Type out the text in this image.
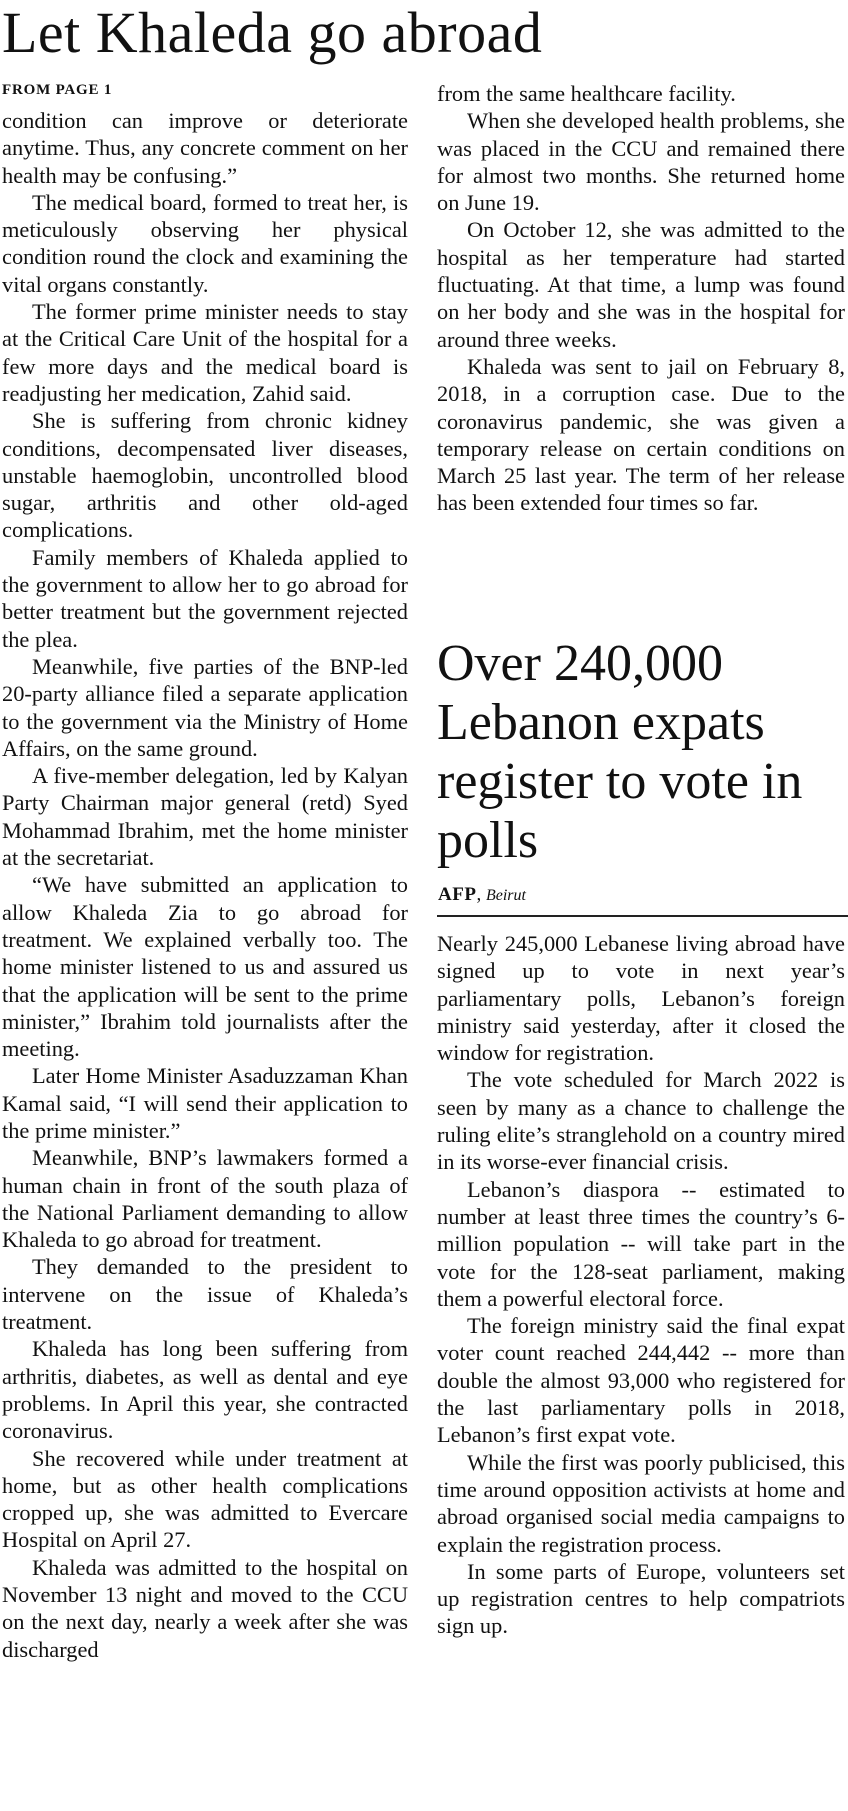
Let Khaleda go abroad
FROM PAGE 1

condition can improve or deteriorate anytime. Thus, any concrete comment on her health may be confusing.”

The medical board, formed to treat her, is meticulously observing her physical condition round the clock and examining the vital organs constantly.

The former prime minister needs to stay at the Critical Care Unit of the hospital for a few more days and the medical board is readjusting her medication, Zahid said.

She is suffering from chronic kidney conditions, decompensated liver diseases, unstable haemoglobin, uncontrolled blood sugar, arthritis and other old-aged complications.

Family members of Khaleda applied to the government to allow her to go abroad for better treatment but the government rejected the plea.

Meanwhile, five parties of the BNP-led 20-party alliance filed a separate application to the government via the Ministry of Home Affairs, on the same ground.

A five-member delegation, led by Kalyan Party Chairman major general (retd) Syed Mohammad Ibrahim, met the home minister at the secretariat.

“We have submitted an application to allow Khaleda Zia to go abroad for treatment. We explained verbally too. The home minister listened to us and assured us that the application will be sent to the prime minister,” Ibrahim told journalists after the meeting.

Later Home Minister Asaduzzaman Khan Kamal said, “I will send their application to the prime minister.”

Meanwhile, BNP’s lawmakers formed a human chain in front of the south plaza of the National Parliament demanding to allow Khaleda to go abroad for treatment.

They demanded to the president to intervene on the issue of Khaleda’s treatment.

Khaleda has long been suffering from arthritis, diabetes, as well as dental and eye problems. In April this year, she contracted coronavirus.

She recovered while under treatment at home, but as other health complications cropped up, she was admitted to Evercare Hospital on April 27.

Khaleda was admitted to the hospital on November 13 night and moved to the CCU on the next day, nearly a week after she was discharged

from the same healthcare facility.

When she developed health problems, she was placed in the CCU and remained there for almost two months. She returned home on June 19.

On October 12, she was admitted to the hospital as her temperature had started fluctuating. At that time, a lump was found on her body and she was in the hospital for around three weeks.

Khaleda was sent to jail on February 8, 2018, in a corruption case. Due to the coronavirus pandemic, she was given a temporary release on certain conditions on March 25 last year. The term of her release has been extended four times so far.

Over 240,000 Lebanon expats register to vote in polls
AFP, Beirut

Nearly 245,000 Lebanese living abroad have signed up to vote in next year’s parliamentary polls, Lebanon’s foreign ministry said yesterday, after it closed the window for registration.

The vote scheduled for March 2022 is seen by many as a chance to challenge the ruling elite’s stranglehold on a country mired in its worse-ever financial crisis.

Lebanon’s diaspora -- estimated to number at least three times the country’s 6-million population -- will take part in the vote for the 128-seat parliament, making them a powerful electoral force.

The foreign ministry said the final expat voter count reached 244,442 -- more than double the almost 93,000 who registered for the last parliamentary polls in 2018, Lebanon’s first expat vote.

While the first was poorly publicised, this time around opposition activists at home and abroad organised social media campaigns to explain the registration process.

In some parts of Europe, volunteers set up registration centres to help compatriots sign up.
